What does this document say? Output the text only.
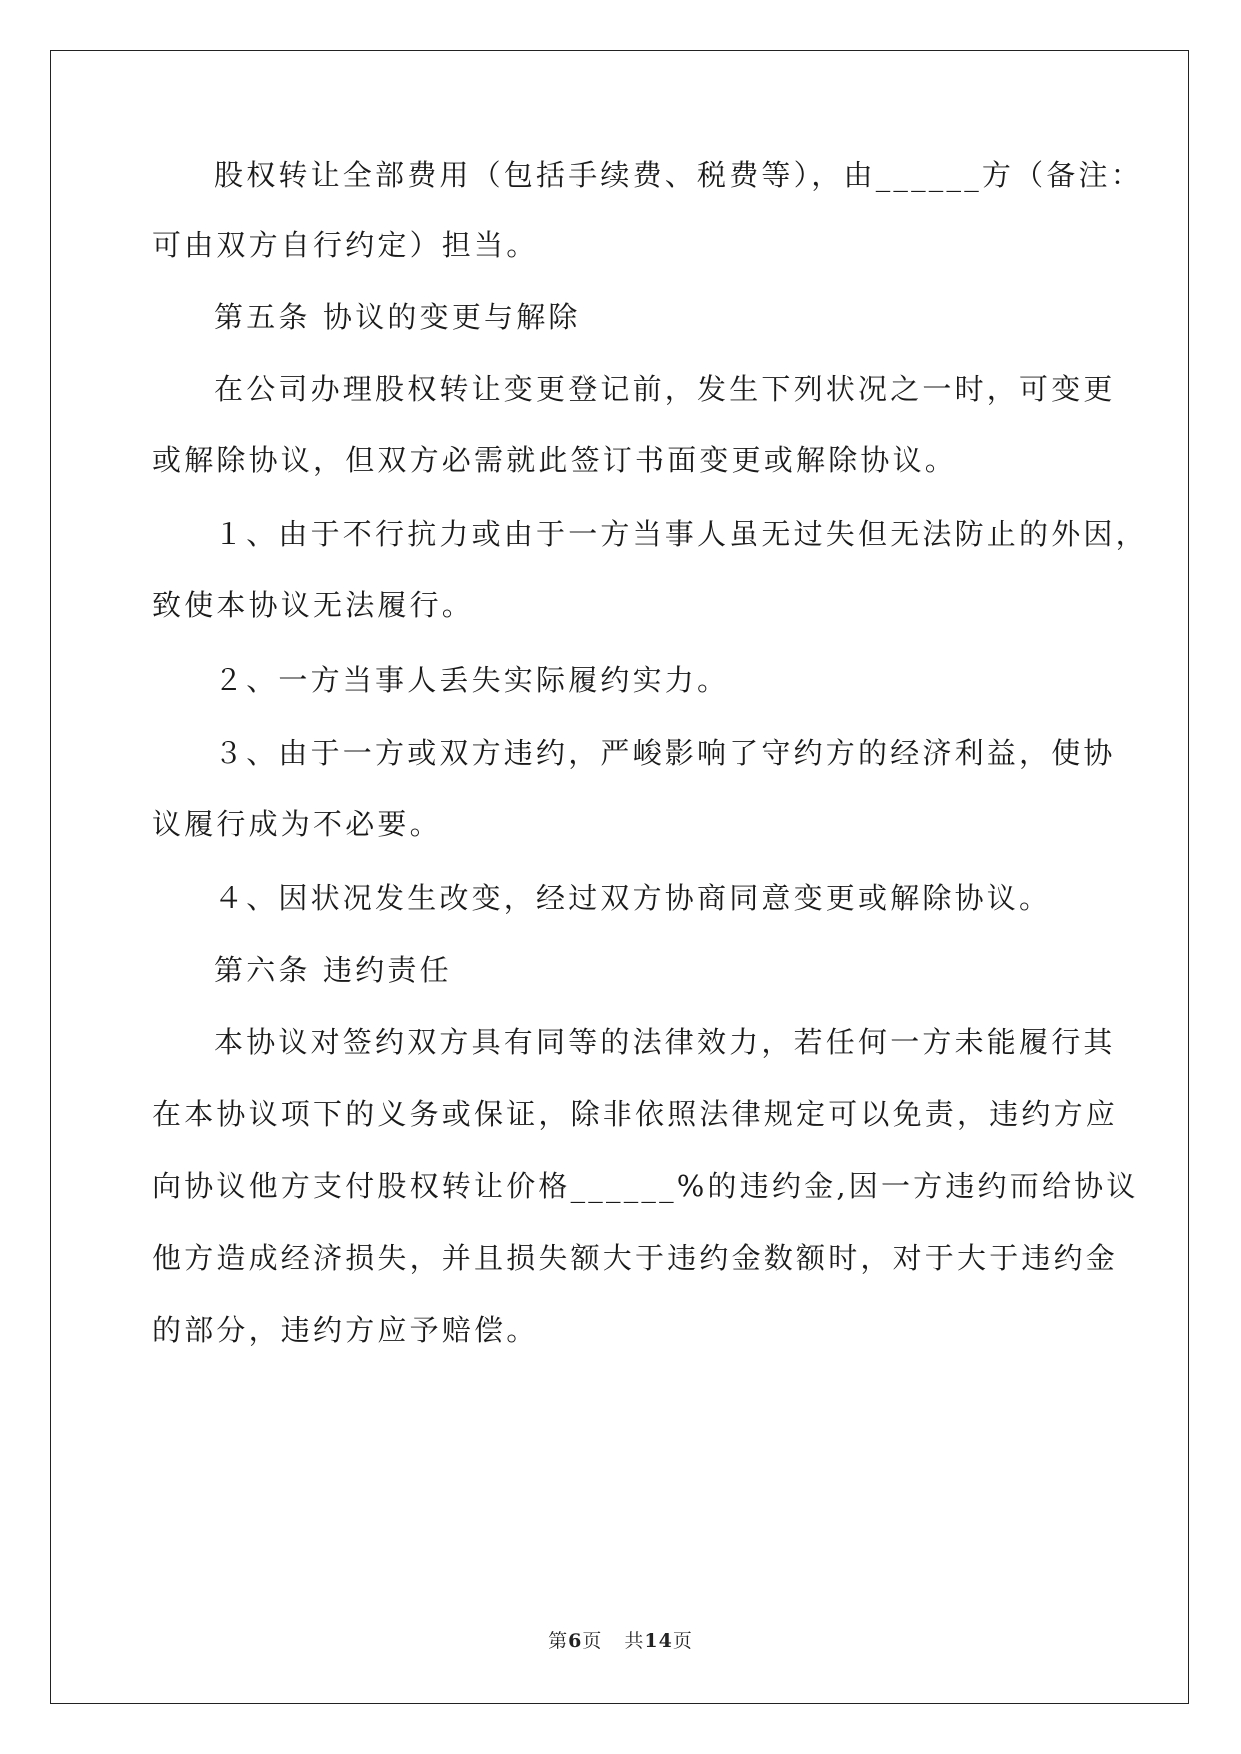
股权转让全部费用（包括手续费、税费等），由______方（备注：
可由双方自行约定）担当。
第五条 协议的变更与解除
在公司办理股权转让变更登记前，发生下列状况之一时，可变更
或解除协议，但双方必需就此签订书面变更或解除协议。
１、由于不行抗力或由于一方当事人虽无过失但无法防止的外因，
致使本协议无法履行。
２、一方当事人丢失实际履约实力。
３、由于一方或双方违约，严峻影响了守约方的经济利益，使协
议履行成为不必要。
４、因状况发生改变，经过双方协商同意变更或解除协议。
第六条 违约责任
本协议对签约双方具有同等的法律效力，若任何一方未能履行其
在本协议项下的义务或保证，除非依照法律规定可以免责，违约方应
向协议他方支付股权转让价格______%的违约金,因一方违约而给协议
他方造成经济损失，并且损失额大于违约金数额时，对于大于违约金
的部分，违约方应予赔偿。
第6页 共14页
